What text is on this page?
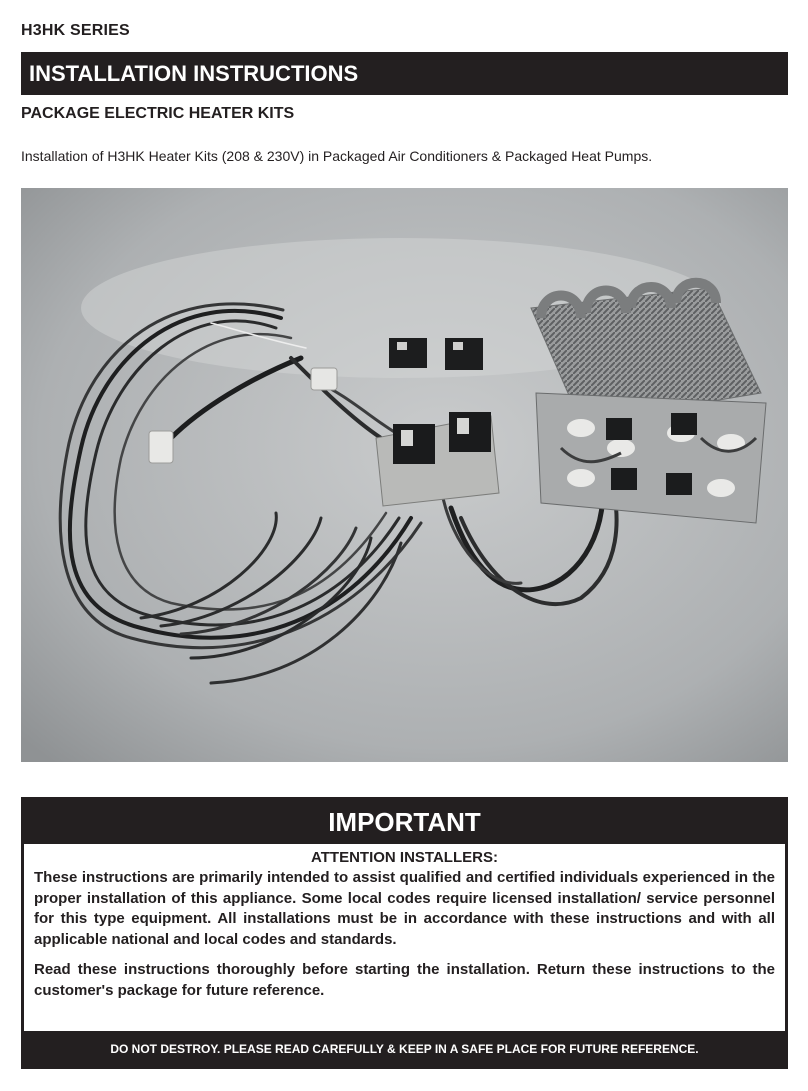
H3HK SERIES
INSTALLATION INSTRUCTIONS
PACKAGE ELECTRIC HEATER KITS
Installation of H3HK Heater Kits (208 & 230V) in Packaged Air Conditioners & Packaged Heat Pumps.
IMPORTANT

ATTENTION INSTALLERS:

These instructions are primarily intended to assist qualified and certified individuals experienced in the proper installation of this appliance. Some local codes require licensed installation/ service personnel for this type equipment. All installations must be in accordance with these instructions and with all applicable national and local codes and standards.

Read these instructions thoroughly before starting the installation. Return these instructions to the customer's package for future reference.

DO NOT DESTROY. PLEASE READ CAREFULLY & KEEP IN A SAFE PLACE FOR FUTURE REFERENCE.
